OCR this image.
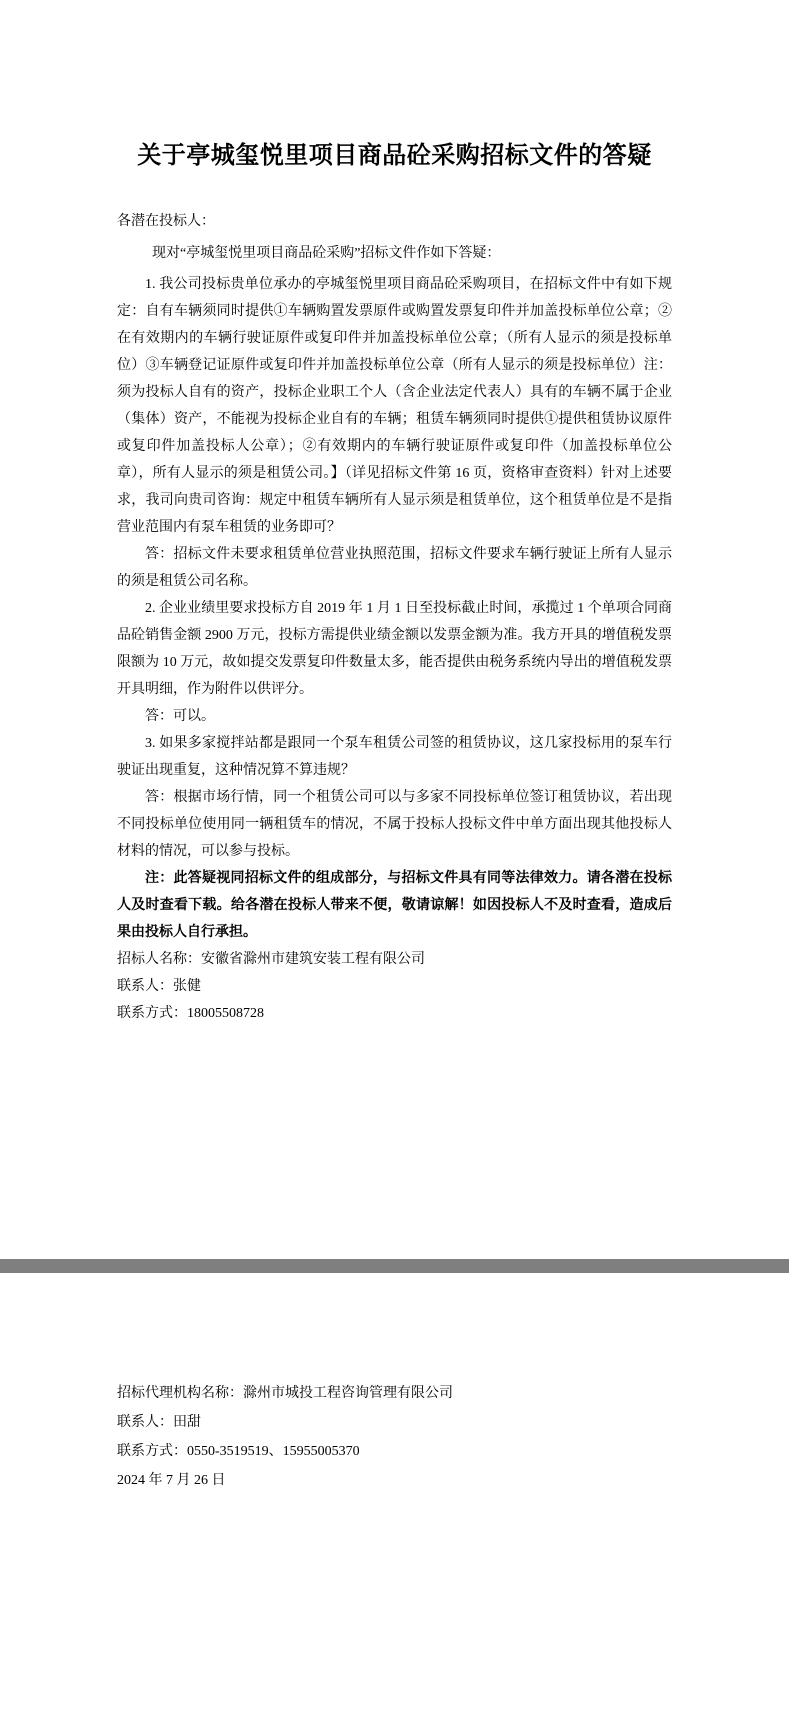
关于亭城玺悦里项目商品砼采购招标文件的答疑

各潜在投标人：

现对“亭城玺悦里项目商品砼采购”招标文件作如下答疑：

1. 我公司投标贵单位承办的亭城玺悦里项目商品砼采购项目，在招标文件中有如下规定：自有车辆须同时提供①车辆购置发票原件或购置发票复印件并加盖投标单位公章；②在有效期内的车辆行驶证原件或复印件并加盖投标单位公章；（所有人显示的须是投标单位）③车辆登记证原件或复印件并加盖投标单位公章（所有人显示的须是投标单位）注：须为投标人自有的资产，投标企业职工个人（含企业法定代表人）具有的车辆不属于企业（集体）资产，不能视为投标企业自有的车辆；租赁车辆须同时提供①提供租赁协议原件或复印件加盖投标人公章）；②有效期内的车辆行驶证原件或复印件（加盖投标单位公章），所有人显示的须是租赁公司。】（详见招标文件第 16 页，资格审查资料）针对上述要求，我司向贵司咨询：规定中租赁车辆所有人显示须是租赁单位，这个租赁单位是不是指营业范围内有泵车租赁的业务即可？

答：招标文件未要求租赁单位营业执照范围，招标文件要求车辆行驶证上所有人显示的须是租赁公司名称。

2. 企业业绩里要求投标方自 2019 年 1 月 1 日至投标截止时间，承揽过 1 个单项合同商品砼销售金额 2900 万元，投标方需提供业绩金额以发票金额为准。我方开具的增值税发票限额为 10 万元，故如提交发票复印件数量太多，能否提供由税务系统内导出的增值税发票开具明细，作为附件以供评分。

答：可以。

3. 如果多家搅拌站都是跟同一个泵车租赁公司签的租赁协议，这几家投标用的泵车行驶证出现重复，这种情况算不算违规？

答：根据市场行情，同一个租赁公司可以与多家不同投标单位签订租赁协议，若出现不同投标单位使用同一辆租赁车的情况，不属于投标人投标文件中单方面出现其他投标人材料的情况，可以参与投标。

注：此答疑视同招标文件的组成部分，与招标文件具有同等法律效力。请各潜在投标人及时查看下载。给各潜在投标人带来不便，敬请谅解！如因投标人不及时查看，造成后果由投标人自行承担。

招标人名称：安徽省滁州市建筑安装工程有限公司

联系人：张健

联系方式：18005508728

招标代理机构名称：滁州市城投工程咨询管理有限公司

联系人：田甜

联系方式：0550-3519519、15955005370

2024 年 7 月 26 日
